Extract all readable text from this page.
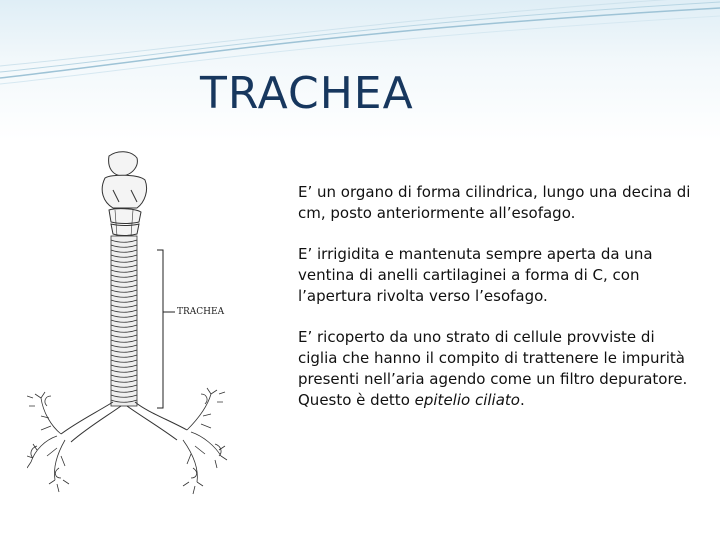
TRACHEA
TRACHEA

E’ un organo di forma cilindrica, lungo una decina di cm, posto anteriormente all’esofago.

E’ irrigidita e mantenuta sempre aperta da una ventina di anelli cartilaginei a forma di C, con l’apertura rivolta verso l’esofago.

E’ ricoperto da uno strato di cellule provviste di ciglia che hanno il compito di trattenere le impurità presenti nell’aria agendo come un filtro depuratore. Questo è detto epitelio ciliato.
